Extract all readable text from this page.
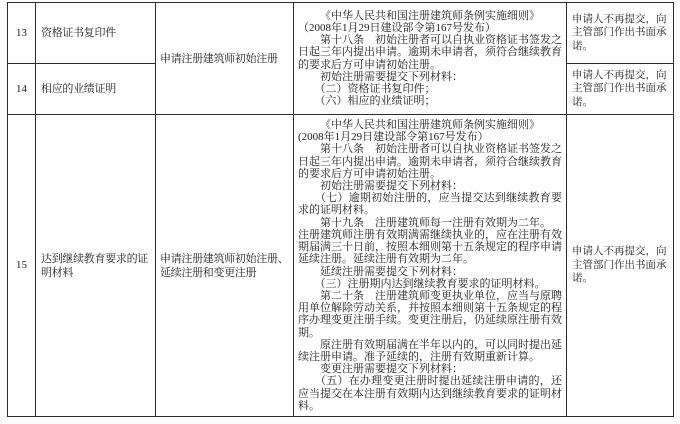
13	资格证书复印件	申请注册建筑师初始注册	
《中华人民共和国注册建筑师条例实施细则》
（2008年1月29日建设部令第167号发布）
　　第十八条　初始注册者可以自执业资格证书签发之日起三年内提出申请。逾期未申请者，须符合继续教育的要求后方可申请初始注册。
　　初始注册需要提交下列材料：
　　（二）资格证书复印件；
　　（六）相应的业绩证明；
	申请人不再提交，向主管部门作出书面承诺。
14	相应的业绩证明			申请人不再提交，向主管部门作出书面承诺。
15	达到继续教育要求的证明材料	申请注册建筑师初始注册、延续注册和变更注册	
《中华人民共和国注册建筑师条例实施细则》
(2008年1月29日建设部令第167号发布）
　　第十八条　初始注册者可以自执业资格证书签发之日起三年内提出申请。逾期未申请者，须符合继续教育的要求后方可申请初始注册。
　　初始注册需要提交下列材料：
　　（七）逾期初始注册的，应当提交达到继续教育要求的证明材料。
　　第十九条　注册建筑师每一注册有效期为二年。
注册建筑师注册有效期满需继续执业的，应在注册有效期届满三十日前，按照本细则第十五条规定的程序申请延续注册。延续注册有效期为二年。
　　延续注册需要提交下列材料：
　　（三）注册期内达到继续教育要求的证明材料。
　　第二十条　注册建筑师变更执业单位，应当与原聘用单位解除劳动关系，并按照本细则第十五条规定的程序办理变更注册手续。变更注册后，仍延续原注册有效期。
　　原注册有效期届满在半年以内的，可以同时提出延续注册申请。准予延续的，注册有效期重新计算。
　　变更注册需要提交下列材料：
　　（五）在办理变更注册时提出延续注册申请的，还应当提交在本注册有效期内达到继续教育要求的证明材料。
	申请人不再提交，向主管部门作出书面承诺。
